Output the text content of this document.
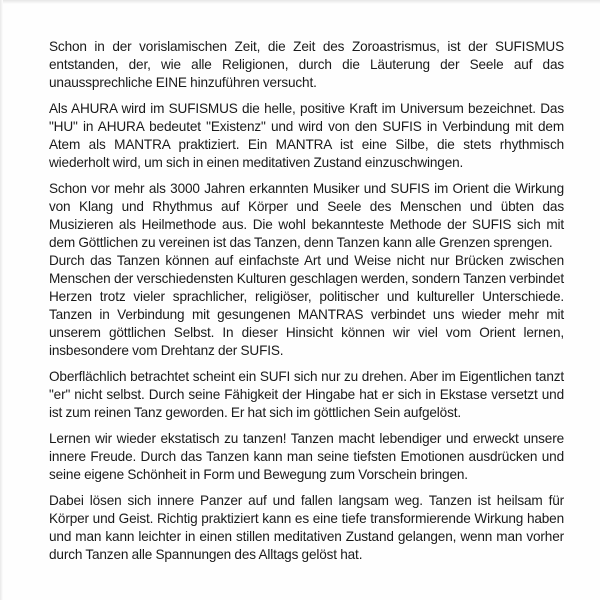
Schon in der vorislamischen Zeit, die Zeit des Zoroastrismus, ist der SUFISMUS entstanden, der, wie alle Religionen, durch die Läuterung der Seele auf das unaussprechliche EINE hinzuführen versucht.

Als AHURA wird im SUFISMUS die helle, positive Kraft im Universum bezeichnet. Das "HU" in AHURA bedeutet "Existenz" und wird von den SUFIS in Verbindung mit dem Atem als MANTRA praktiziert. Ein MANTRA ist eine Silbe, die stets rhythmisch wiederholt wird, um sich in einen meditativen Zustand einzuschwingen.

Schon vor mehr als 3000 Jahren erkannten Musiker und SUFIS im Orient die Wirkung von Klang und Rhythmus auf Körper und Seele des Menschen und übten das Musizieren als Heilmethode aus. Die wohl bekannteste Methode der SUFIS sich mit dem Göttlichen zu vereinen ist das Tanzen, denn Tanzen kann alle Grenzen sprengen.

Durch das Tanzen können auf einfachste Art und Weise nicht nur Brücken zwischen Menschen der verschiedensten Kulturen geschlagen werden, sondern Tanzen verbindet Herzen trotz vieler sprachlicher, religiöser, politischer und kultureller Unterschiede. Tanzen in Verbindung mit gesungenen MANTRAS verbindet uns wieder mehr mit unserem göttlichen Selbst. In dieser Hinsicht können wir viel vom Orient lernen, insbesondere vom Drehtanz der SUFIS.

Oberflächlich betrachtet scheint ein SUFI sich nur zu drehen. Aber im Eigentlichen tanzt "er" nicht selbst. Durch seine Fähigkeit der Hingabe hat er sich in Ekstase versetzt und ist zum reinen Tanz geworden. Er hat sich im göttlichen Sein aufgelöst.

Lernen wir wieder ekstatisch zu tanzen! Tanzen macht lebendiger und erweckt unsere innere Freude. Durch das Tanzen kann man seine tiefsten Emotionen ausdrücken und seine eigene Schönheit in Form und Bewegung zum Vorschein bringen.

Dabei lösen sich innere Panzer auf und fallen langsam weg. Tanzen ist heilsam für Körper und Geist. Richtig praktiziert kann es eine tiefe transformierende Wirkung haben und man kann leichter in einen stillen meditativen Zustand gelangen, wenn man vorher durch Tanzen alle Spannungen des Alltags gelöst hat.
